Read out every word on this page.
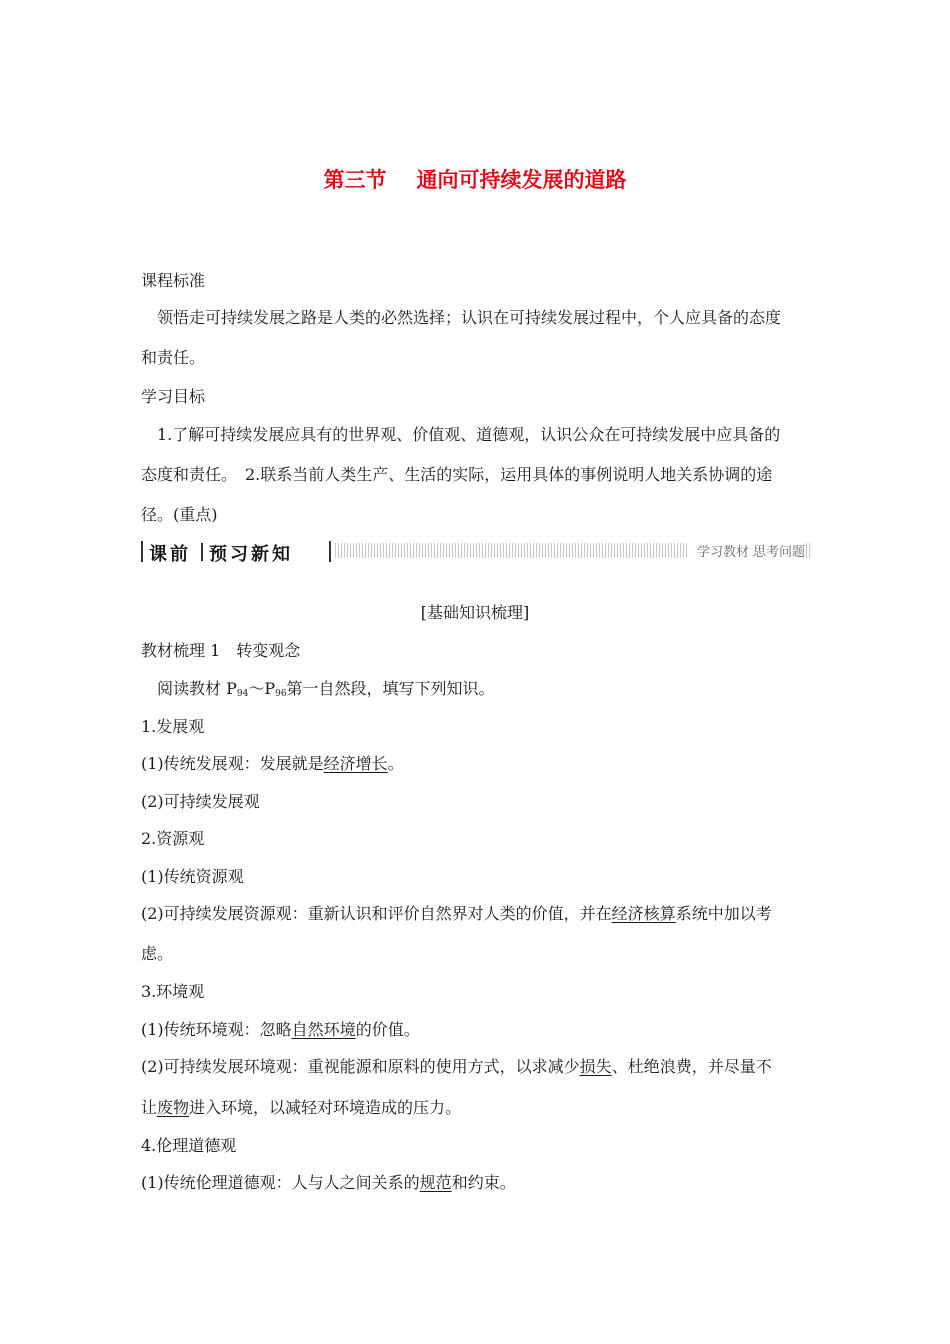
第三节 通向可持续发展的道路
课程标准
领悟走可持续发展之路是人类的必然选择；认识在可持续发展过程中，个人应具备的态度
和责任。
学习目标
1.了解可持续发展应具有的世界观、价值观、道德观，认识公众在可持续发展中应具备的
态度和责任。　2.联系当前人类生产、生活的实际，运用具体的事例说明人地关系协调的途
径。(重点)
课前 预习新知	学习教材 思考问题
[基础知识梳理]
教材梳理 1　转变观念
阅读教材 $P_{94}\sim P_{96}$第一自然段，填写下列知识。
1.发展观
(1)传统发展观：发展就是经济增长。
(2)可持续发展观
2.资源观
(1)传统资源观
(2)可持续发展资源观：重新认识和评价自然界对人类的价值，并在经济核算系统中加以考
虑。
3.环境观
(1)传统环境观：忽略自然环境的价值。
(2)可持续发展环境观：重视能源和原料的使用方式，以求减少损失、杜绝浪费，并尽量不
让废物进入环境，以减轻对环境造成的压力。
4.伦理道德观
(1)传统伦理道德观：人与人之间关系的规范和约束。
